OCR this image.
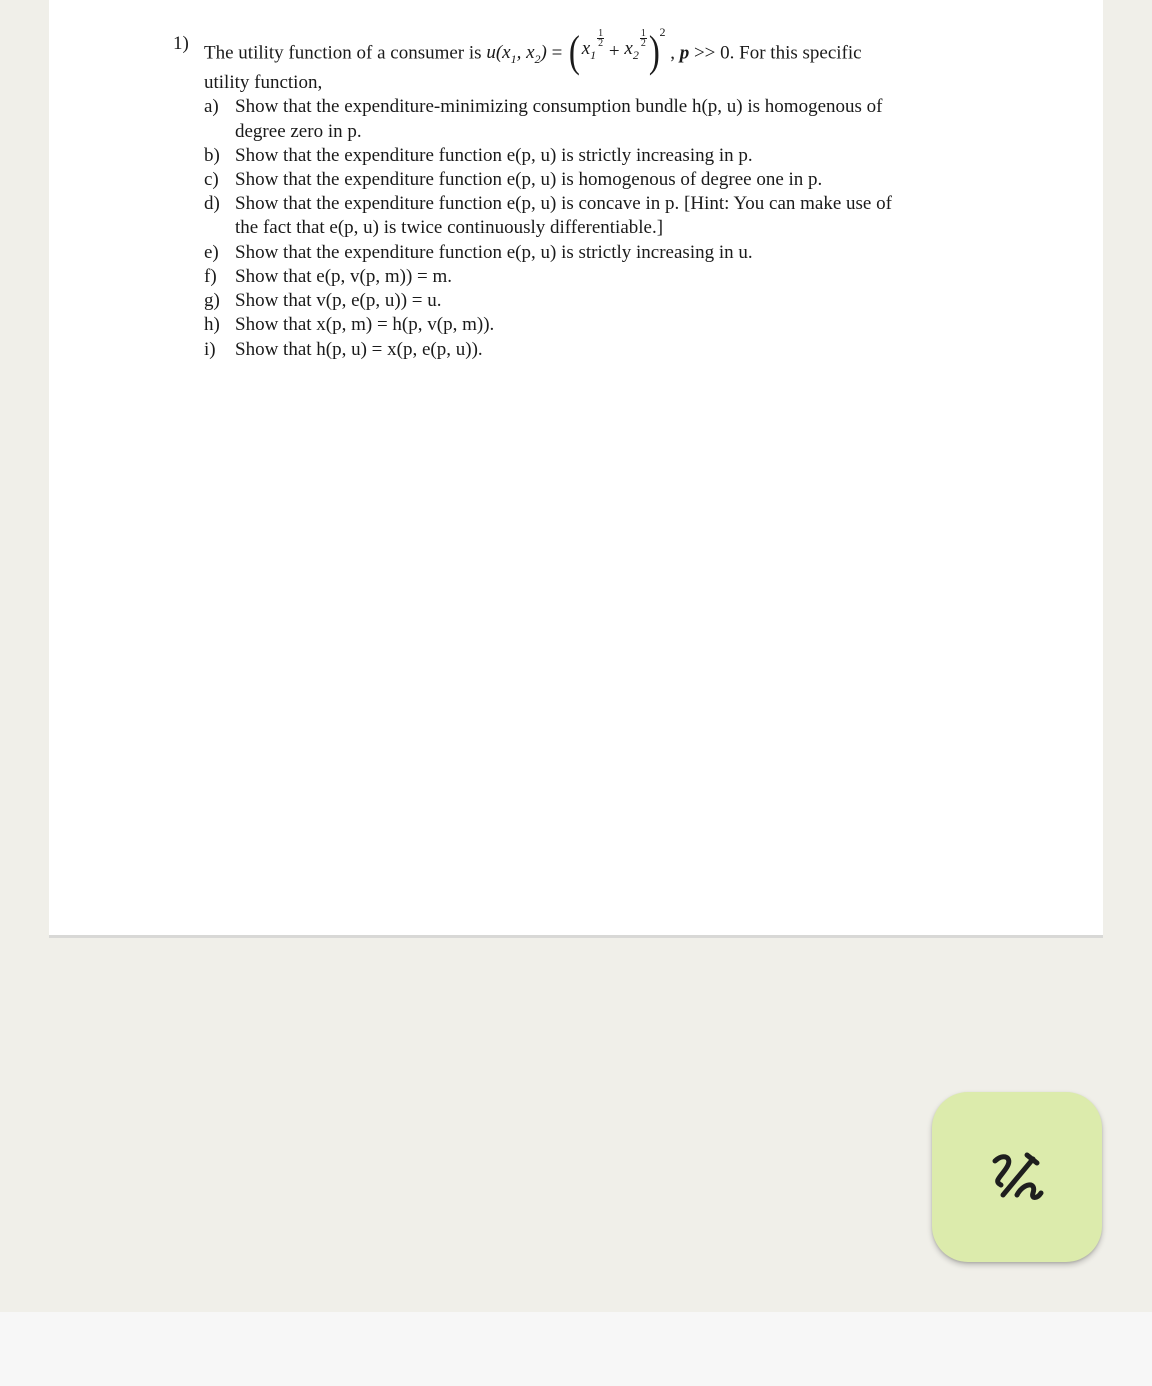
1) The utility function of a consumer is $u(x_1$, $x_2$) = ( $x_1$
$\frac{1}{2}$

+
$x_2$
$\frac{1}{2}$ ) 2
, p >> 0. For this specific
utility function,
a) Show that the expenditure-minimizing consumption bundle h(p, u) is homogenous of
degree zero in p.
b) Show that the expenditure function e(p, u) is strictly increasing in p.
c) Show that the expenditure function e(p, u) is homogenous of degree one in p.
d) Show that the expenditure function e(p, u) is concave in p. [Hint: You can make use of
the fact that e(p, u) is twice continuously differentiable.]
e) Show that the expenditure function e(p, u) is strictly increasing in u.
f) Show that e(p, v(p, m)) = m.
g) Show that v(p, e(p, u)) = u.
h) Show that x(p, m) = h(p, v(p, m)).
i) Show that h(p, u) = x(p, e(p, u)).
